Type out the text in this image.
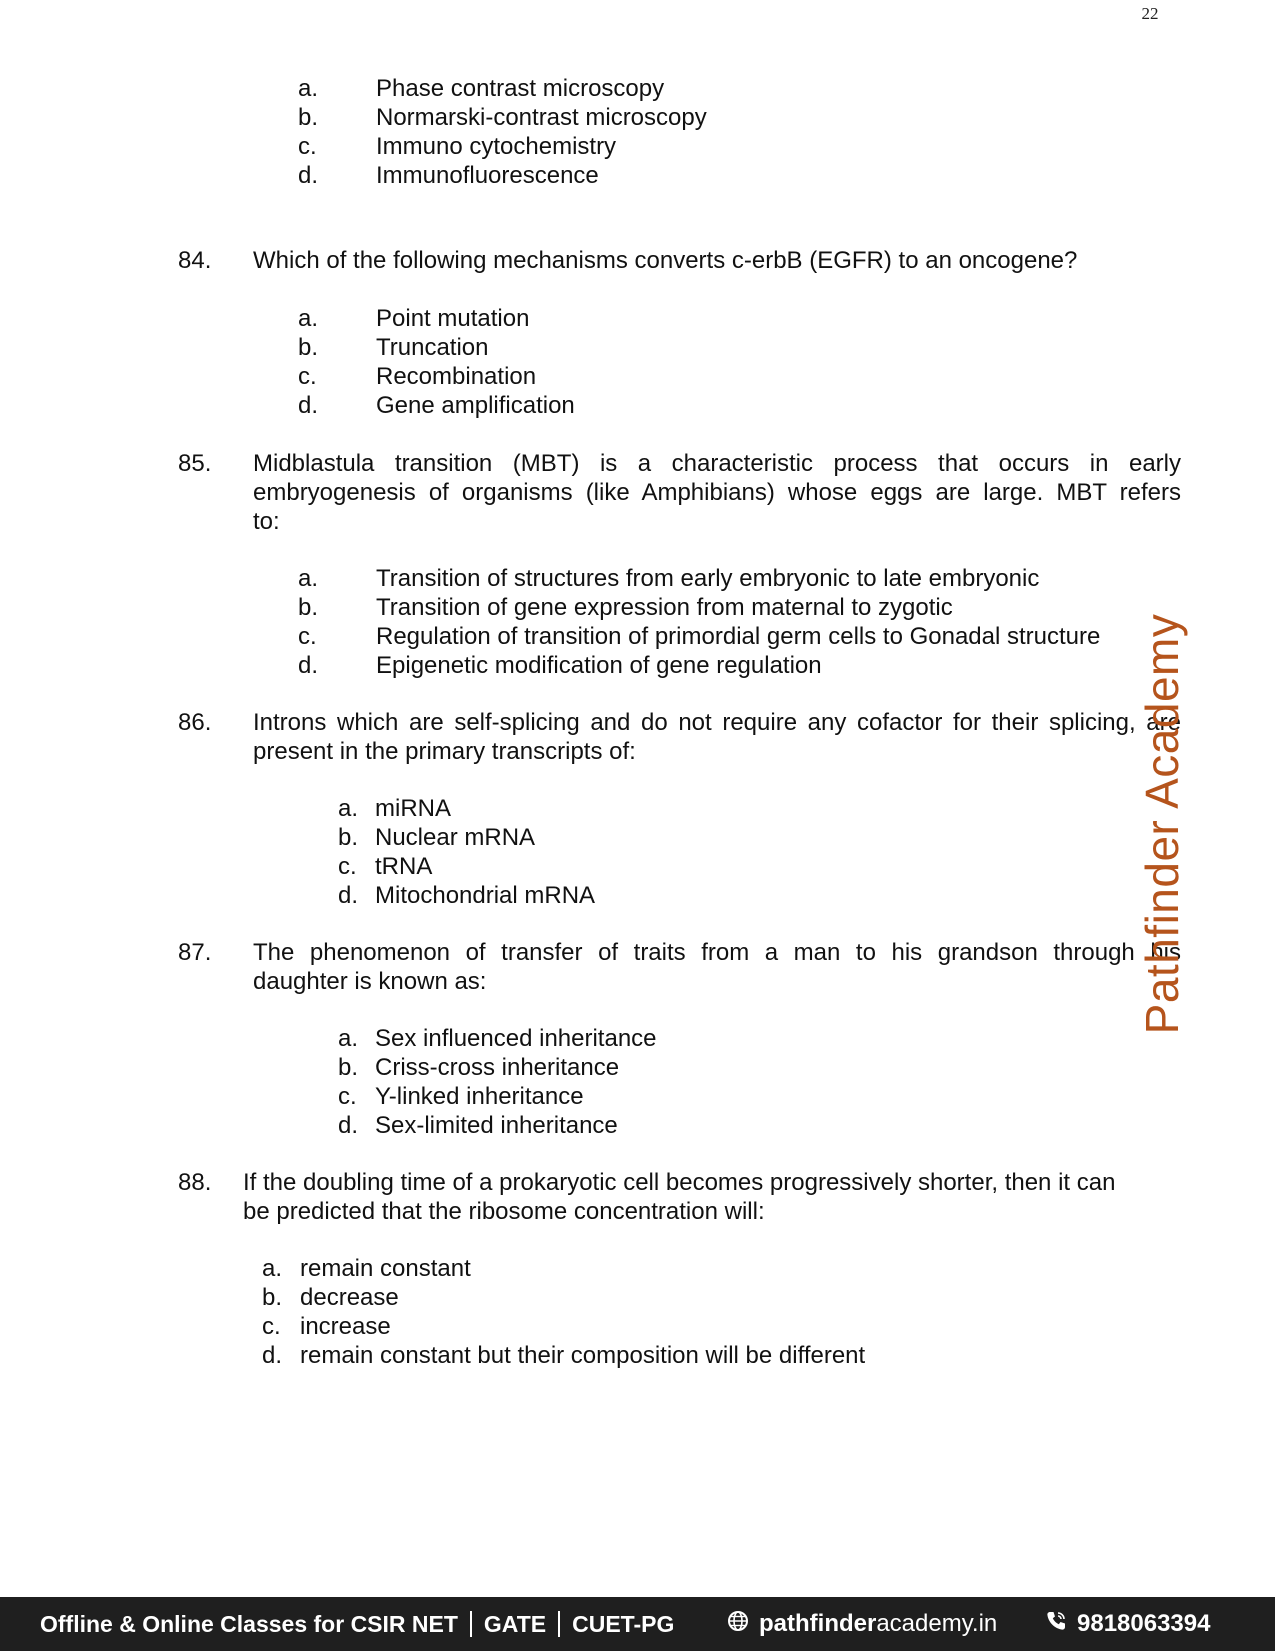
22
a. Phase contrast microscopy
b. Normarski-contrast microscopy
c. Immuno cytochemistry
d. Immunofluorescence
84. Which of the following mechanisms converts c-erbB (EGFR) to an oncogene?
a. Point mutation
b. Truncation
c. Recombination
d. Gene amplification
85. Midblastula transition (MBT) is a characteristic process that occurs in early
embryogenesis of organisms (like Amphibians) whose eggs are large. MBT refers
to:
a. Transition of structures from early embryonic to late embryonic
b. Transition of gene expression from maternal to zygotic
c. Regulation of transition of primordial germ cells to Gonadal structure
d. Epigenetic modification of gene regulation
86. Introns which are self-splicing and do not require any cofactor for their splicing, are
present in the primary transcripts of:
a. miRNA
b. Nuclear mRNA
c. tRNA
d. Mitochondrial mRNA
87. The phenomenon of transfer of traits from a man to his grandson through his
daughter is known as:
a. Sex influenced inheritance
b. Criss-cross inheritance
c. Y-linked inheritance
d. Sex-limited inheritance
88. If the doubling time of a prokaryotic cell becomes progressively shorter, then it can
be predicted that the ribosome concentration will:
a. remain constant
b. decrease
c. increase
d. remain constant but their composition will be different
Pathfinder Academy
Offline & Online Classes for CSIR NET GATE CUET-PG	pathfinder academy.in	9818063394
